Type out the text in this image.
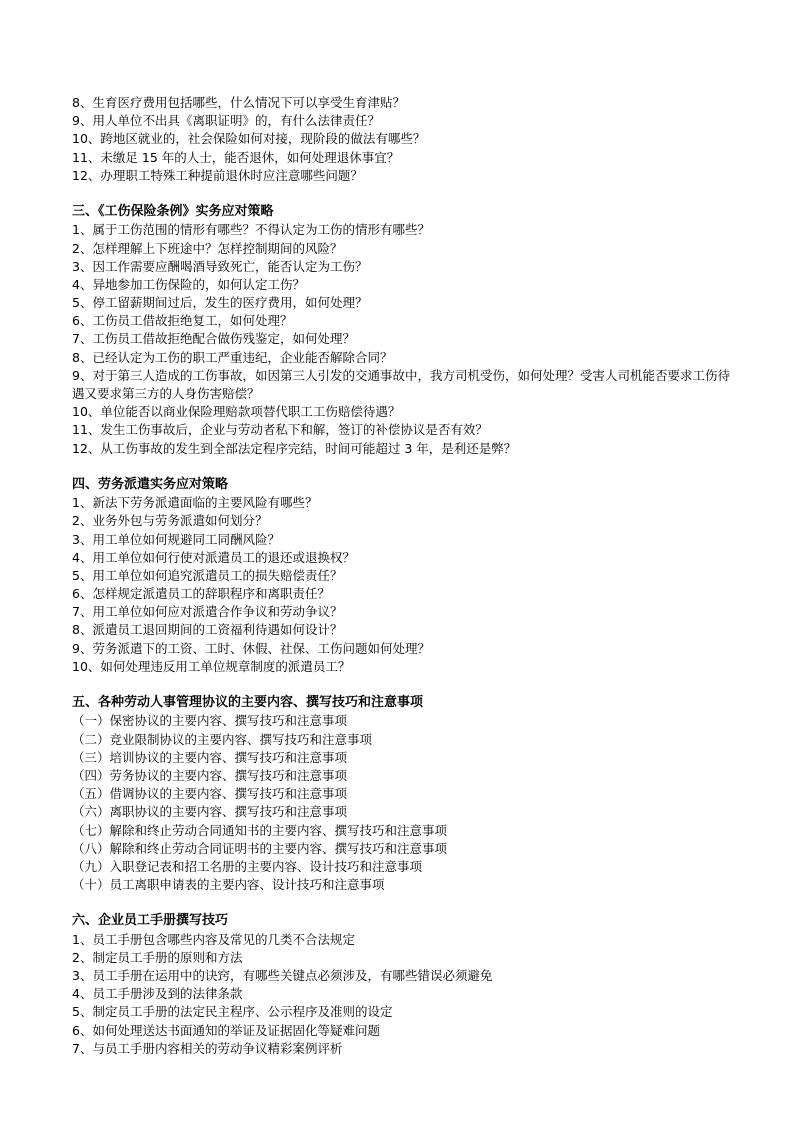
8、生育医疗费用包括哪些，什么情况下可以享受生育津贴？
9、用人单位不出具《离职证明》的，有什么法律责任？
10、跨地区就业的，社会保险如何对接，现阶段的做法有哪些？
11、未缴足 15 年的人士，能否退休，如何处理退休事宜？
12、办理职工特殊工种提前退休时应注意哪些问题？
三、《工伤保险条例》实务应对策略
1、属于工伤范围的情形有哪些？不得认定为工伤的情形有哪些？
2、怎样理解上下班途中？怎样控制期间的风险？
3、因工作需要应酬喝酒导致死亡，能否认定为工伤？
4、异地参加工伤保险的，如何认定工伤？
5、停工留薪期间过后，发生的医疗费用，如何处理？
6、工伤员工借故拒绝复工，如何处理？
7、工伤员工借故拒绝配合做伤残鉴定，如何处理？
8、已经认定为工伤的职工严重违纪，企业能否解除合同？
9、对于第三人造成的工伤事故，如因第三人引发的交通事故中，我方司机受伤，如何处理？受害人司机能否要求工伤待遇又要求第三方的人身伤害赔偿？
10、单位能否以商业保险理赔款项替代职工工伤赔偿待遇？
11、发生工伤事故后，企业与劳动者私下和解，签订的补偿协议是否有效？
12、从工伤事故的发生到全部法定程序完结，时间可能超过 3 年，是利还是弊？
四、劳务派遣实务应对策略
1、新法下劳务派遣面临的主要风险有哪些？
2、业务外包与劳务派遣如何划分？
3、用工单位如何规避同工同酬风险？
4、用工单位如何行使对派遣员工的退还或退换权？
5、用工单位如何追究派遣员工的损失赔偿责任？
6、怎样规定派遣员工的辞职程序和离职责任？
7、用工单位如何应对派遣合作争议和劳动争议？
8、派遣员工退回期间的工资福利待遇如何设计？
9、劳务派遣下的工资、工时、休假、社保、工伤问题如何处理？
10、如何处理违反用工单位规章制度的派遣员工？
五、各种劳动人事管理协议的主要内容、撰写技巧和注意事项
（一）保密协议的主要内容、撰写技巧和注意事项
（二）竞业限制协议的主要内容、撰写技巧和注意事项
（三）培训协议的主要内容、撰写技巧和注意事项
（四）劳务协议的主要内容、撰写技巧和注意事项
（五）借调协议的主要内容、撰写技巧和注意事项
（六）离职协议的主要内容、撰写技巧和注意事项
（七）解除和终止劳动合同通知书的主要内容、撰写技巧和注意事项
（八）解除和终止劳动合同证明书的主要内容、撰写技巧和注意事项
（九）入职登记表和招工名册的主要内容、设计技巧和注意事项
（十）员工离职申请表的主要内容、设计技巧和注意事项
六、企业员工手册撰写技巧
1、员工手册包含哪些内容及常见的几类不合法规定
2、制定员工手册的原则和方法
3、员工手册在运用中的诀窍，有哪些关键点必须涉及，有哪些错误必须避免
4、员工手册涉及到的法律条款
5、制定员工手册的法定民主程序、公示程序及准则的设定
6、如何处理送达书面通知的举证及证据固化等疑难问题
7、与员工手册内容相关的劳动争议精彩案例评析
